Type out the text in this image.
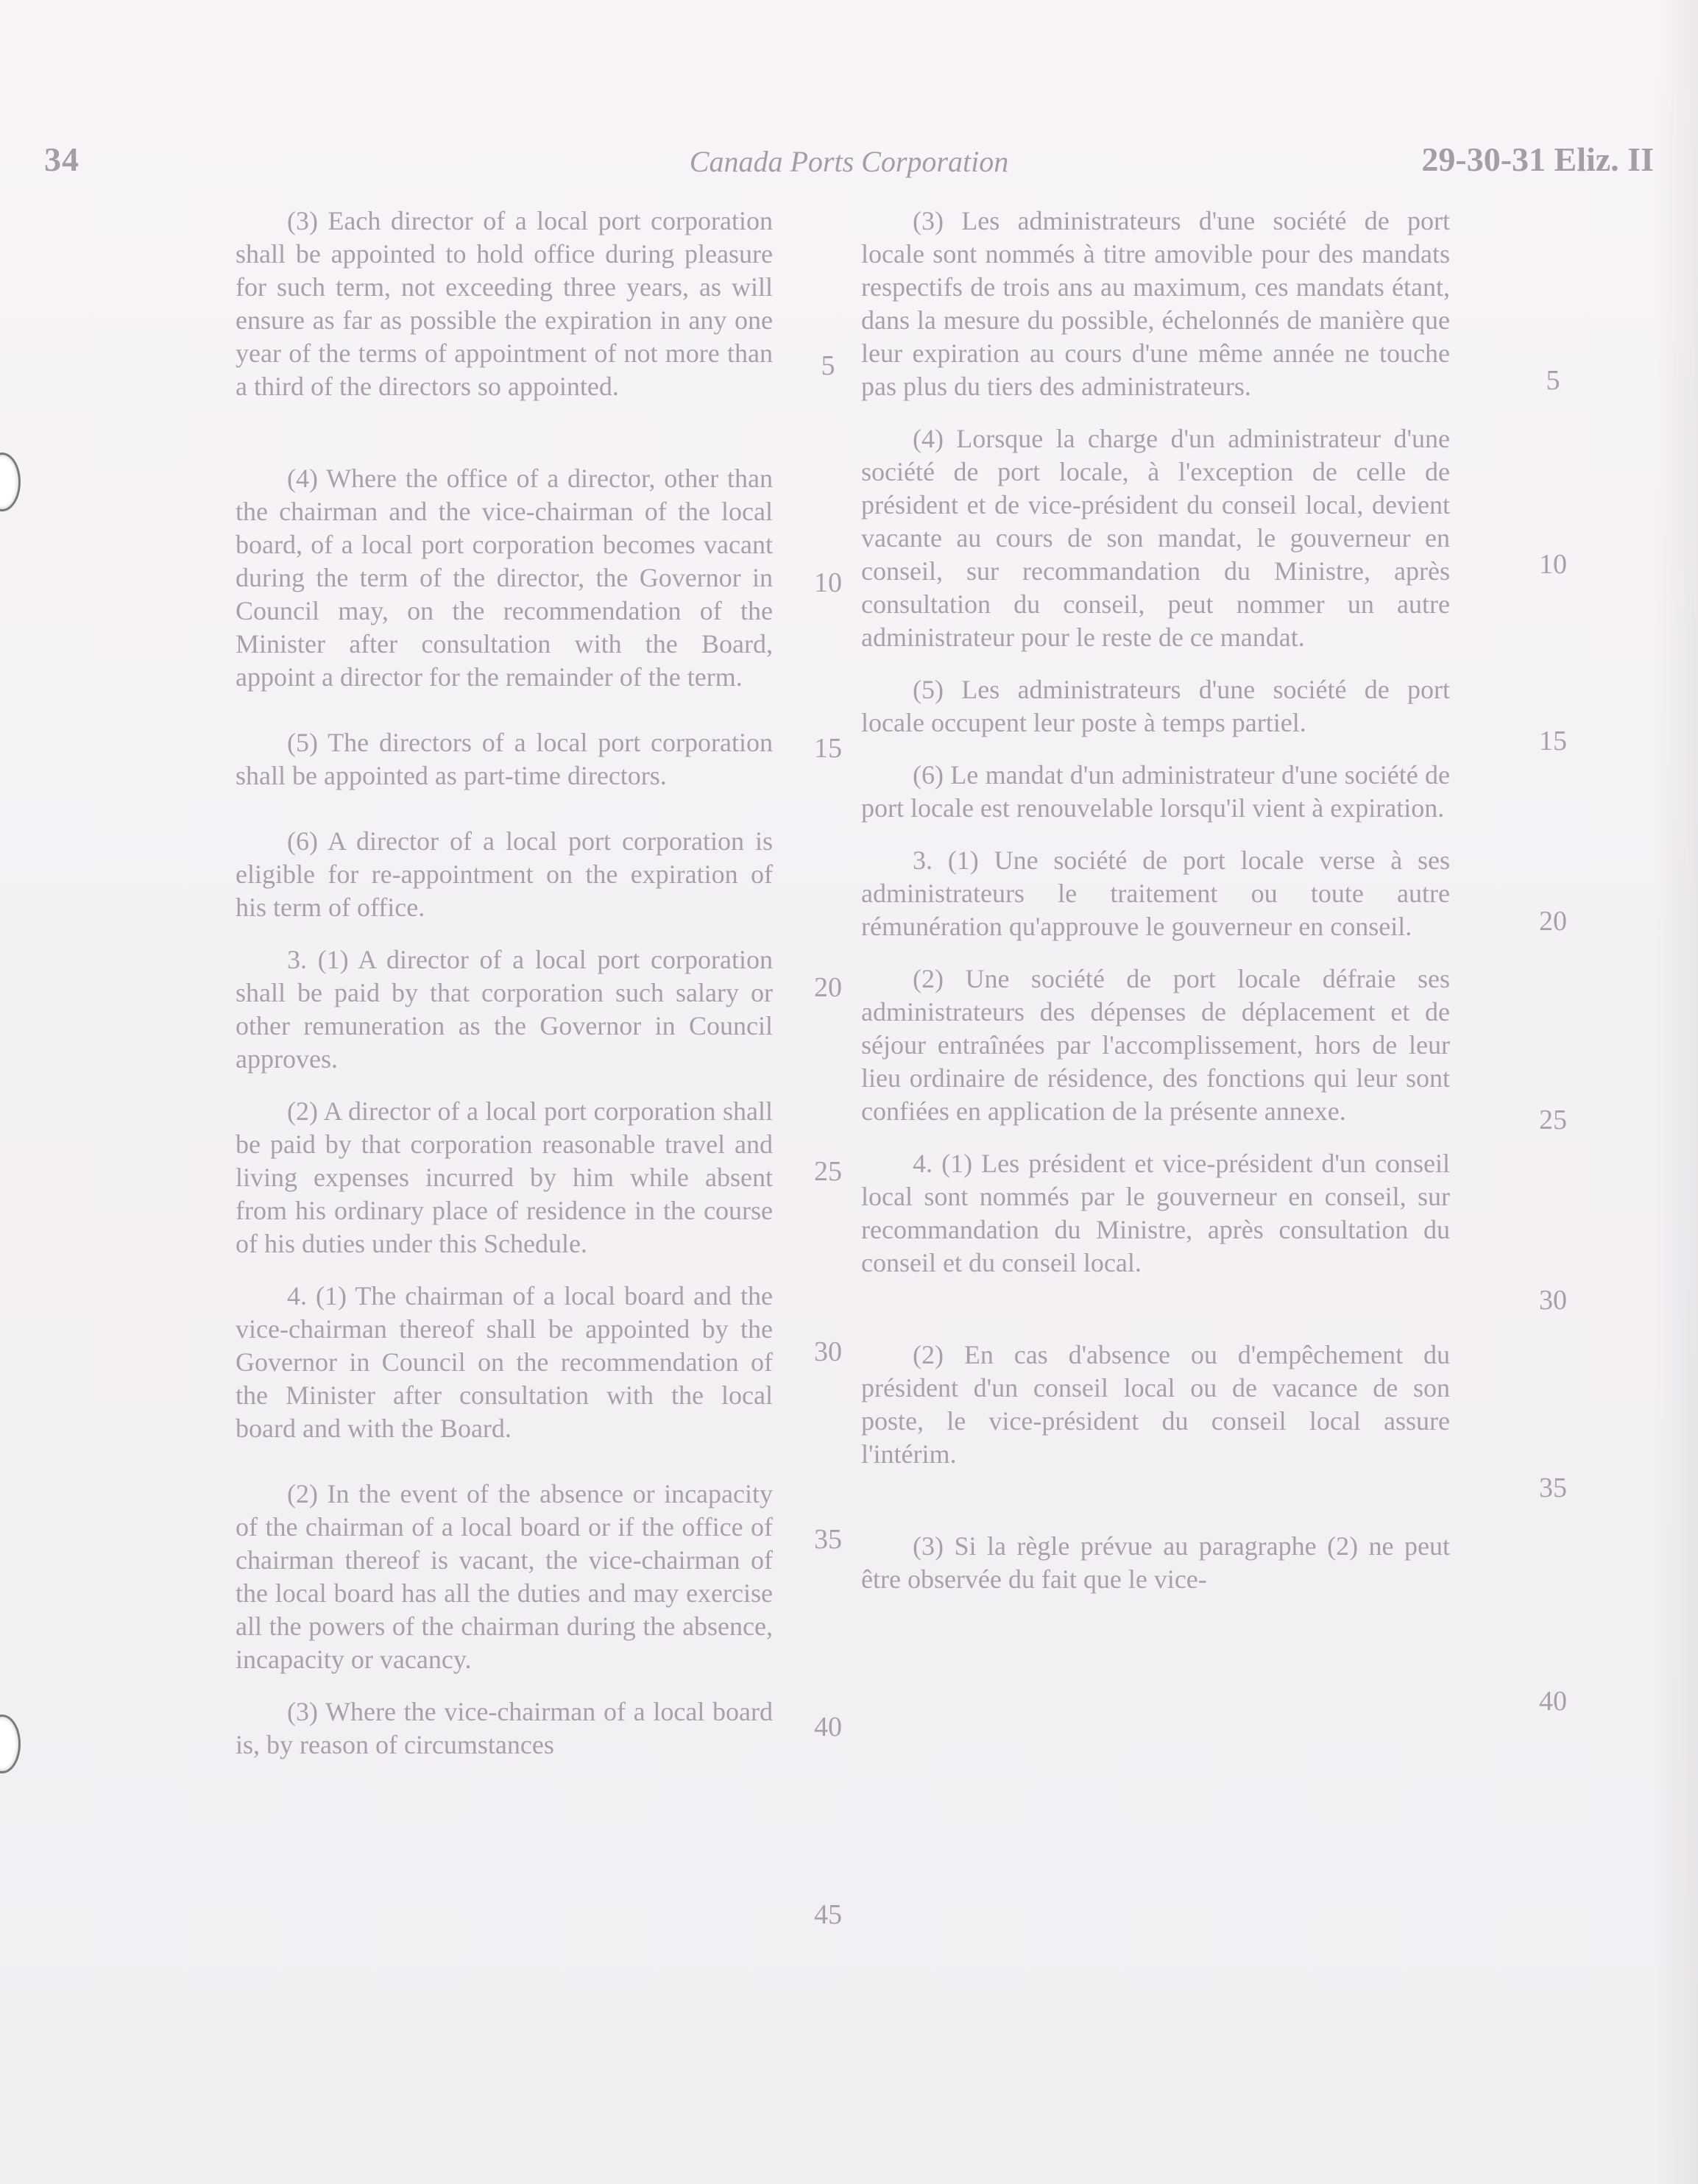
34	Canada Ports Corporation	29-30-31 Eliz. II

(3) Each director of a local port corporation shall be appointed to hold office during pleasure for such term, not exceeding three years, as will ensure as far as possible the expiration in any one year of the terms of appointment of not more than a third of the directors so appointed.

(4) Where the office of a director, other than the chairman and the vice-chairman of the local board, of a local port corporation becomes vacant during the term of the director, the Governor in Council may, on the recommendation of the Minister after consultation with the Board, appoint a director for the remainder of the term.

(5) The directors of a local port corporation shall be appointed as part-time directors.

(6) A director of a local port corporation is eligible for re-appointment on the expiration of his term of office.

3. (1) A director of a local port corporation shall be paid by that corporation such salary or other remuneration as the Governor in Council approves.

(2) A director of a local port corporation shall be paid by that corporation reasonable travel and living expenses incurred by him while absent from his ordinary place of residence in the course of his duties under this Schedule.

4. (1) The chairman of a local board and the vice-chairman thereof shall be appointed by the Governor in Council on the recommendation of the Minister after consultation with the local board and with the Board.

(2) In the event of the absence or incapacity of the chairman of a local board or if the office of chairman thereof is vacant, the vice-chairman of the local board has all the duties and may exercise all the powers of the chairman during the absence, incapacity or vacancy.

(3) Where the vice-chairman of a local board is, by reason of circumstances

(3) Les administrateurs d'une société de port locale sont nommés à titre amovible pour des mandats respectifs de trois ans au maximum, ces mandats étant, dans la mesure du possible, échelonnés de manière que leur expiration au cours d'une même année ne touche pas plus du tiers des administrateurs.

(4) Lorsque la charge d'un administrateur d'une société de port locale, à l'exception de celle de président et de vice-président du conseil local, devient vacante au cours de son mandat, le gouverneur en conseil, sur recommandation du Ministre, après consultation du conseil, peut nommer un autre administrateur pour le reste de ce mandat.

(5) Les administrateurs d'une société de port locale occupent leur poste à temps partiel.

(6) Le mandat d'un administrateur d'une société de port locale est renouvelable lorsqu'il vient à expiration.

3. (1) Une société de port locale verse à ses administrateurs le traitement ou toute autre rémunération qu'approuve le gouverneur en conseil.

(2) Une société de port locale défraie ses administrateurs des dépenses de déplacement et de séjour entraînées par l'accomplissement, hors de leur lieu ordinaire de résidence, des fonctions qui leur sont confiées en application de la présente annexe.

4. (1) Les président et vice-président d'un conseil local sont nommés par le gouverneur en conseil, sur recommandation du Ministre, après consultation du conseil et du conseil local.

(2) En cas d'absence ou d'empêchement du président d'un conseil local ou de vacance de son poste, le vice-président du conseil local assure l'intérim.

(3) Si la règle prévue au paragraphe (2) ne peut être observée du fait que le vice-

5
10
15
20
25
30
35
40
45
5
10
15
20
25
30
35
40
